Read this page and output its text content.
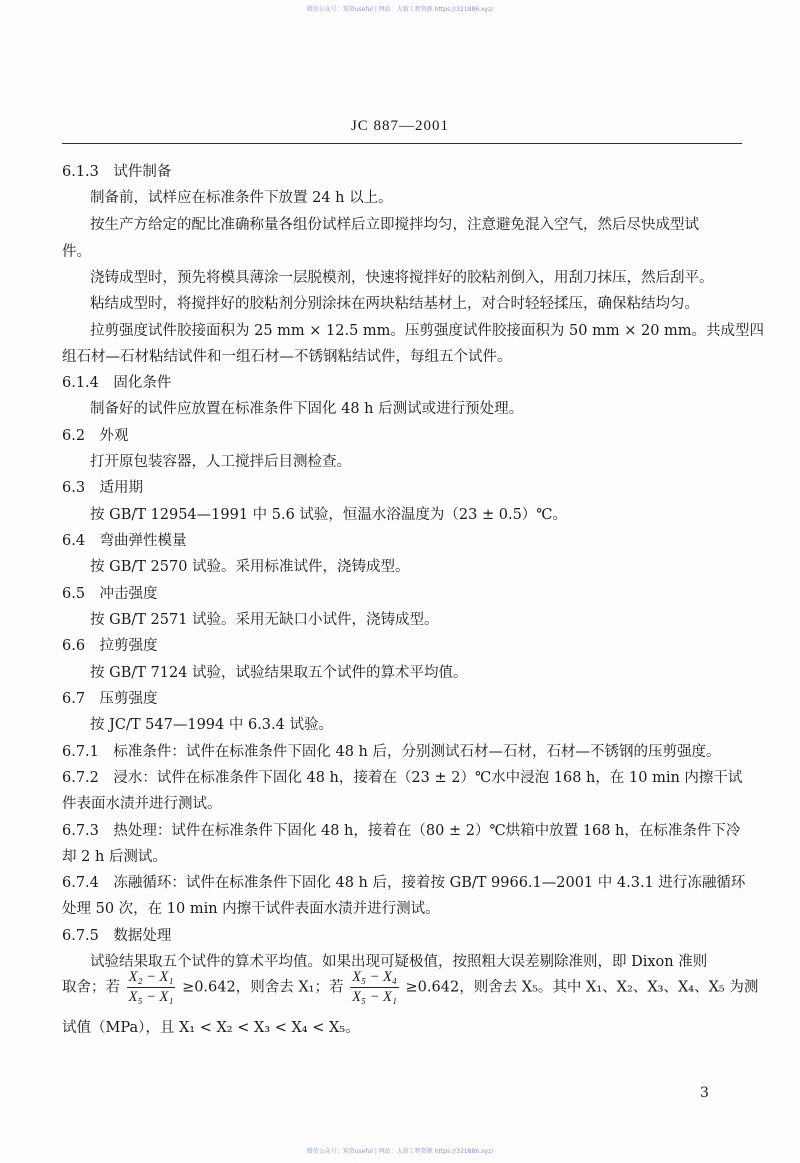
微信公众号：筑资useful | 网站：大新工程资源 https://321886.xyz/
JC 887—2001
6.1.3　试件制备
制备前，试样应在标准条件下放置 24 h 以上。
按生产方给定的配比准确称量各组份试样后立即搅拌均匀，注意避免混入空气，然后尽快成型试
件。
浇铸成型时，预先将模具薄涂一层脱模剂，快速将搅拌好的胶粘剂倒入，用刮刀抹压，然后刮平。
粘结成型时，将搅拌好的胶粘剂分别涂抹在两块粘结基材上，对合时轻轻揉压，确保粘结均匀。
拉剪强度试件胶接面积为 25 mm × 12.5 mm。压剪强度试件胶接面积为 50 mm × 20 mm。共成型四
组石材—石材粘结试件和一组石材—不锈钢粘结试件，每组五个试件。
6.1.4　固化条件
制备好的试件应放置在标准条件下固化 48 h 后测试或进行预处理。
6.2　外观
打开原包装容器，人工搅拌后目测检查。
6.3　适用期
按 GB/T 12954—1991 中 5.6 试验，恒温水浴温度为（23 ± 0.5）℃。
6.4　弯曲弹性模量
按 GB/T 2570 试验。采用标准试件，浇铸成型。
6.5　冲击强度
按 GB/T 2571 试验。采用无缺口小试件，浇铸成型。
6.6　拉剪强度
按 GB/T 7124 试验，试验结果取五个试件的算术平均值。
6.7　压剪强度
按 JC/T 547—1994 中 6.3.4 试验。
6.7.1　标准条件：试件在标准条件下固化 48 h 后，分别测试石材—石材，石材—不锈钢的压剪强度。
6.7.2　浸水：试件在标准条件下固化 48 h，接着在（23 ± 2）℃水中浸泡 168 h，在 10 min 内擦干试
件表面水渍并进行测试。
6.7.3　热处理：试件在标准条件下固化 48 h，接着在（80 ± 2）℃烘箱中放置 168 h，在标准条件下冷
却 2 h 后测试。
6.7.4　冻融循环：试件在标准条件下固化 48 h 后，接着按 GB/T 9966.1—2001 中 4.3.1 进行冻融循环
处理 50 次，在 10 min 内擦干试件表面水渍并进行测试。
6.7.5　数据处理
试验结果取五个试件的算术平均值。如果出现可疑极值，按照粗大误差剔除准则，即 Dixon 准则
取舍；若 $\frac{\text{X₂ − X₁}}{\text{X₅ − X₁}} \ge 0.642$，则舍去 X₁；若 $\frac{\text{X₅ − X₄}}{\text{X₅ − X₁}} \ge 0.642$，则舍去 X₅。其中 X₁、X₂、X₃、X₄、X₅ 为测
试值（MPa），且 X₁ < X₂ < X₃ < X₄ < X₅。
3
微信公众号：筑资useful | 网站：大新工程资源 https://321886.xyz/
